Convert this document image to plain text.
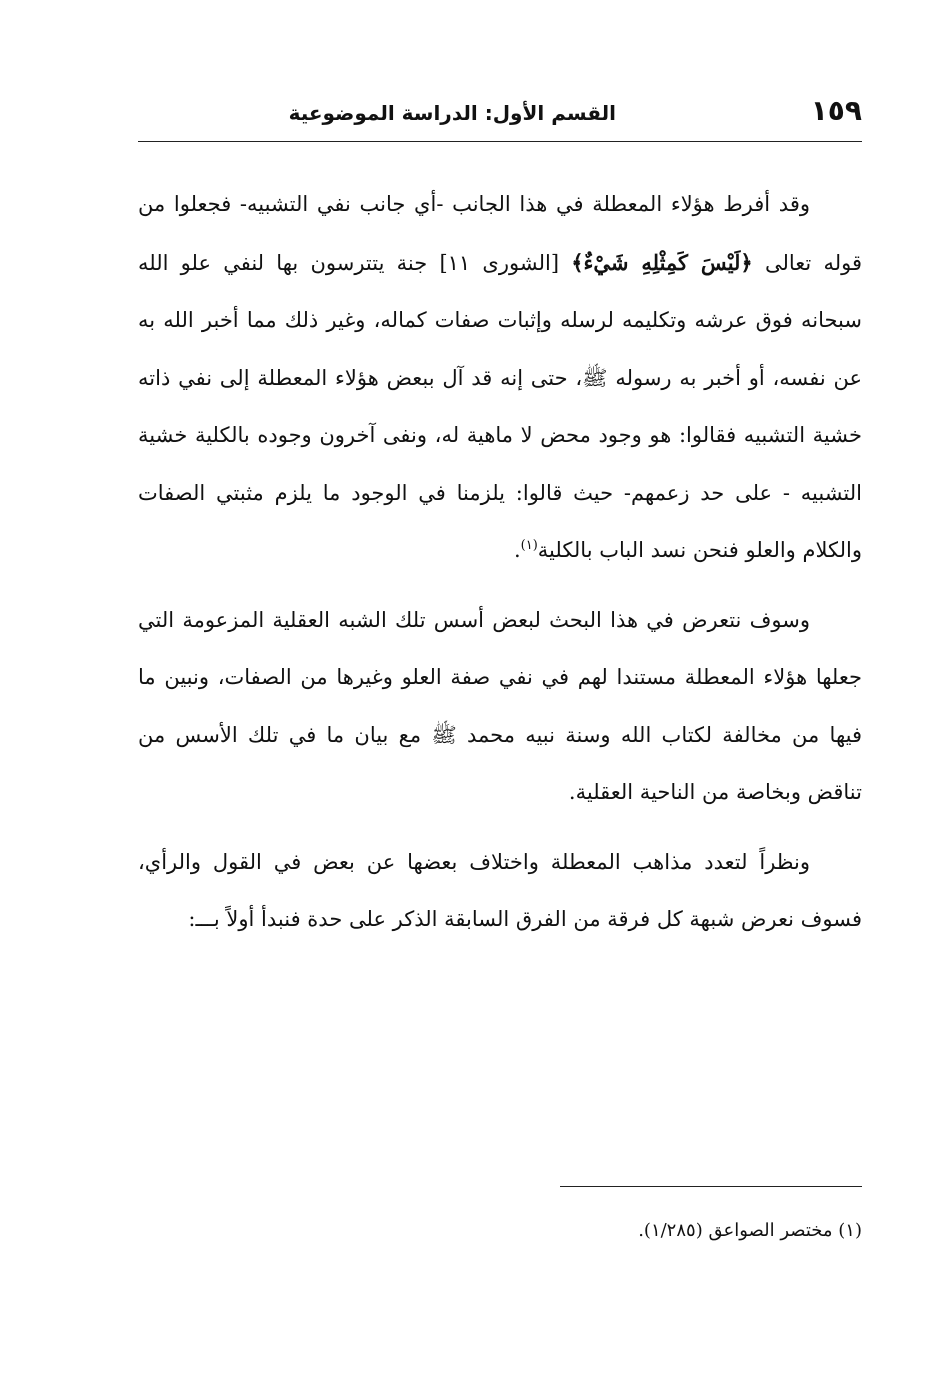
١٥٩
القسم الأول: الدراسة الموضوعية

وقد أفرط هؤلاء المعطلة في هذا الجانب -أي جانب نفي التشبيه- فجعلوا من قوله تعالى ﴿لَيْسَ كَمِثْلِهِ شَيْءٌ﴾ [الشورى ١١] جنة يتترسون بها لنفي علو الله سبحانه فوق عرشه وتكليمه لرسله وإثبات صفات كماله، وغير ذلك مما أخبر الله به عن نفسه، أو أخبر به رسوله ﷺ، حتى إنه قد آل ببعض هؤلاء المعطلة إلى نفي ذاته خشية التشبيه فقالوا: هو وجود محض لا ماهية له، ونفى آخرون وجوده بالكلية خشية التشبيه - على حد زعمهم- حيث قالوا: يلزمنا في الوجود ما يلزم مثبتي الصفات والكلام والعلو فنحن نسد الباب بالكلية$^{(١)}$.

وسوف نتعرض في هذا البحث لبعض أسس تلك الشبه العقلية المزعومة التي جعلها هؤلاء المعطلة مستندا لهم في نفي صفة العلو وغيرها من الصفات، ونبين ما فيها من مخالفة لكتاب الله وسنة نبيه محمد ﷺ مع بيان ما في تلك الأسس من تناقض وبخاصة من الناحية العقلية.

ونظراً لتعدد مذاهب المعطلة واختلاف بعضها عن بعض في القول والرأي، فسوف نعرض شبهة كل فرقة من الفرق السابقة الذكر على حدة فنبدأ أولاً بـــ:

(١) مختصر الصواعق (١/٢٨٥).
